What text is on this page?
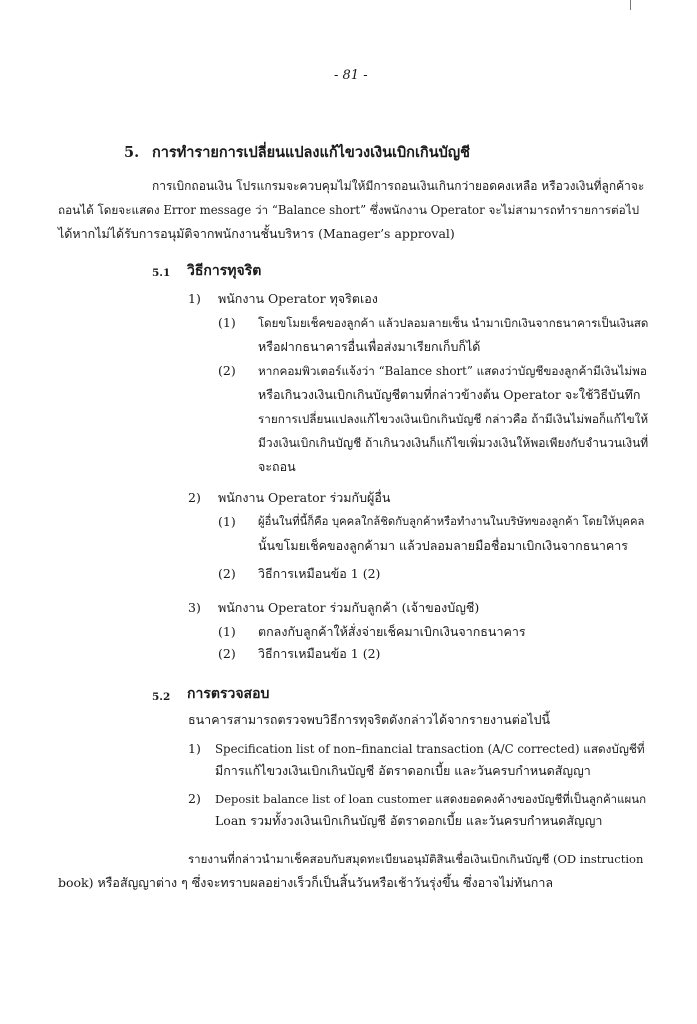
- 81 -
5. การทำรายการเปลี่ยนแปลงแก้ไขวงเงินเบิกเกินบัญชี
การเบิกถอนเงิน โปรแกรมจะควบคุมไม่ให้มีการถอนเงินเกินกว่ายอดคงเหลือ หรือวงเงินที่ลูกค้าจะ
ถอนได้ โดยจะแสดง Error message ว่า “Balance short” ซึ่งพนักงาน Operator จะไม่สามารถทำรายการต่อไป
ได้หากไม่ได้รับการอนุมัติจากพนักงานชั้นบริหาร (Manager’s approval)
5.1 วิธีการทุจริต
1) พนักงาน Operator ทุจริตเอง
(1) โดยขโมยเช็คของลูกค้า แล้วปลอมลายเซ็น นำมาเบิกเงินจากธนาคารเป็นเงินสด
หรือฝากธนาคารอื่นเพื่อส่งมาเรียกเก็บก็ได้
(2) หากคอมพิวเตอร์แจ้งว่า “Balance short” แสดงว่าบัญชีของลูกค้ามีเงินไม่พอ
หรือเกินวงเงินเบิกเกินบัญชีตามที่กล่าวข้างต้น Operator จะใช้วิธีบันทึก
รายการเปลี่ยนแปลงแก้ไขวงเงินเบิกเกินบัญชี กล่าวคือ ถ้ามีเงินไม่พอก็แก้ไขให้
มีวงเงินเบิกเกินบัญชี ถ้าเกินวงเงินก็แก้ไขเพิ่มวงเงินให้พอเพียงกับจำนวนเงินที่
จะถอน
2) พนักงาน Operator ร่วมกับผู้อื่น
(1) ผู้อื่นในที่นี้ก็คือ บุคคลใกล้ชิดกับลูกค้าหรือทำงานในบริษัทของลูกค้า โดยให้บุคคล
นั้นขโมยเช็คของลูกค้ามา แล้วปลอมลายมือชื่อมาเบิกเงินจากธนาคาร
(2) วิธีการเหมือนข้อ 1 (2)
3) พนักงาน Operator ร่วมกับลูกค้า (เจ้าของบัญชี)
(1) ตกลงกับลูกค้าให้สั่งจ่ายเช็คมาเบิกเงินจากธนาคาร
(2) วิธีการเหมือนข้อ 1 (2)
5.2 การตรวจสอบ
ธนาคารสามารถตรวจพบวิธีการทุจริตดังกล่าวได้จากรายงานต่อไปนี้
1) Specification list of non–financial transaction (A/C corrected) แสดงบัญชีที่
มีการแก้ไขวงเงินเบิกเกินบัญชี อัตราดอกเบี้ย และวันครบกำหนดสัญญา
2) Deposit balance list of loan customer แสดงยอดคงค้างของบัญชีที่เป็นลูกค้าแผนก
Loan รวมทั้งวงเงินเบิกเกินบัญชี อัตราดอกเบี้ย และวันครบกำหนดสัญญา
รายงานที่กล่าวนำมาเช็คสอบกับสมุดทะเบียนอนุมัติสินเชื่อเงินเบิกเกินบัญชี (OD instruction
book) หรือสัญญาต่าง ๆ ซึ่งจะทราบผลอย่างเร็วก็เป็นสิ้นวันหรือเช้าวันรุ่งขึ้น ซึ่งอาจไม่ทันกาล
